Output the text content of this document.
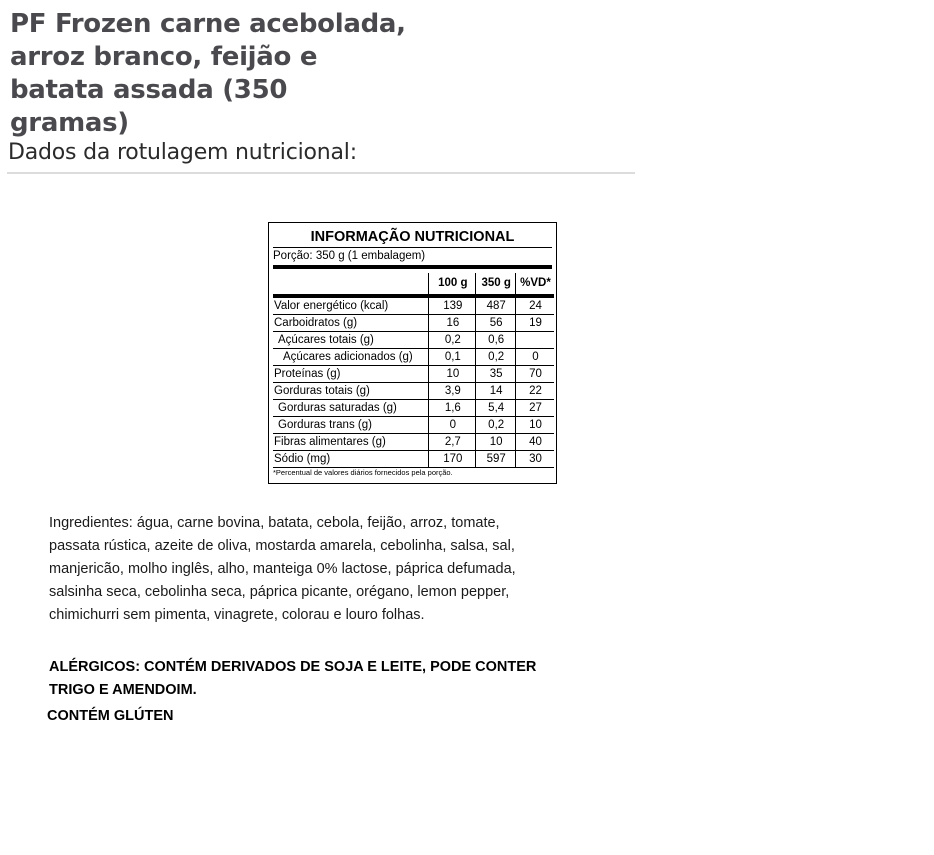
PF Frozen carne acebolada, arroz branco, feijão e batata assada (350 gramas)
Dados da rotulagem nutricional:
INFORMAÇÃO NUTRICIONAL
Porção: 350 g (1 embalagem)
	100 g	350 g	%VD*
Valor energético (kcal)	139	487	24
Carboidratos (g)	16	56	19
Açúcares totais (g)	0,2	0,6	
Açúcares adicionados (g)	0,1	0,2	0
Proteínas (g)	10	35	70
Gorduras totais (g)	3,9	14	22
Gorduras saturadas (g)	1,6	5,4	27
Gorduras trans (g)	0	0,2	10
Fibras alimentares (g)	2,7	10	40
Sódio (mg)	170	597	30
*Percentual de valores diários fornecidos pela porção.

Ingredientes: água, carne bovina, batata, cebola, feijão, arroz, tomate, passata rústica, azeite de oliva, mostarda amarela, cebolinha, salsa, sal, manjericão, molho inglês, alho, manteiga 0% lactose, páprica defumada, salsinha seca, cebolinha seca, páprica picante, orégano, lemon pepper, chimichurri sem pimenta, vinagrete, colorau e louro folhas.

ALÉRGICOS: CONTÉM DERIVADOS DE SOJA E LEITE, PODE CONTER TRIGO E AMENDOIM.

CONTÉM GLÚTEN
